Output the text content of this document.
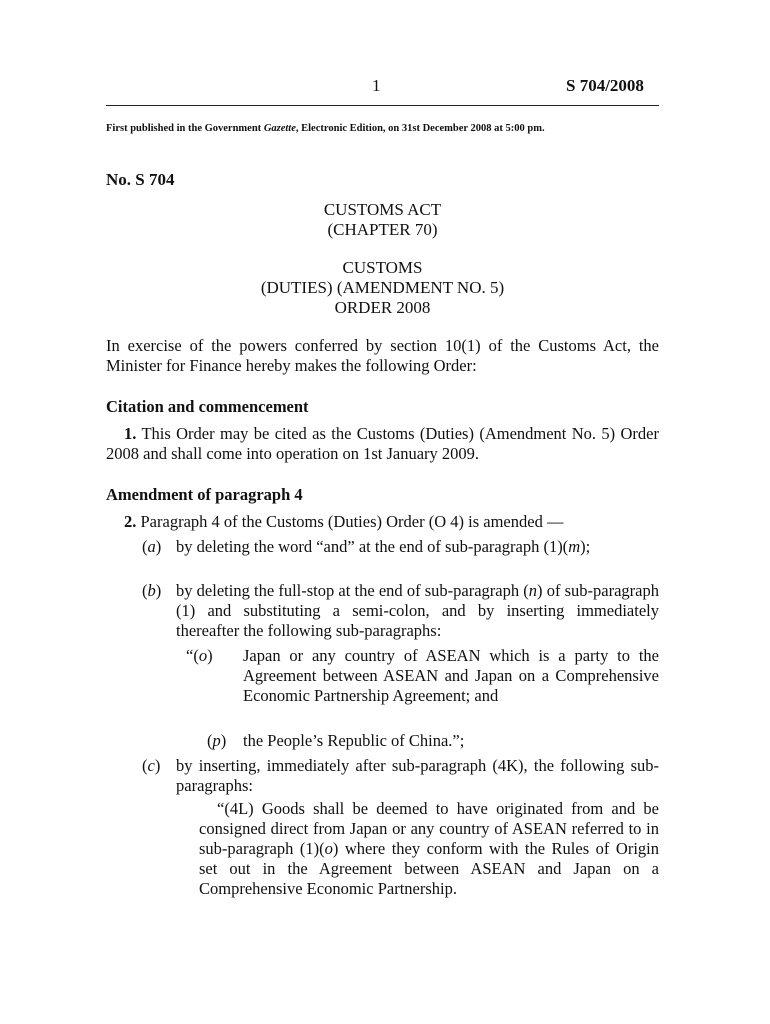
1	S 704/2008
First published in the Government Gazette, Electronic Edition, on 31st December 2008 at 5:00 pm.
No. S 704
CUSTOMS ACT
(CHAPTER 70)
CUSTOMS
(DUTIES) (AMENDMENT NO. 5)
ORDER 2008
In exercise of the powers conferred by section 10(1) of the Customs Act, the Minister for Finance hereby makes the following Order:
Citation and commencement
1. This Order may be cited as the Customs (Duties) (Amendment No. 5) Order 2008 and shall come into operation on 1st January 2009.
Amendment of paragraph 4
2. Paragraph 4 of the Customs (Duties) Order (O 4) is amended —
(a) by deleting the word “and” at the end of sub-paragraph (1)(m);
(b) by deleting the full-stop at the end of sub-paragraph (n) of sub-paragraph (1) and substituting a semi-colon, and by inserting immediately thereafter the following sub-paragraphs:
“(o) Japan or any country of ASEAN which is a party to the Agreement between ASEAN and Japan on a Comprehensive Economic Partnership Agreement; and
(p) the People’s Republic of China.”;
(c) by inserting, immediately after sub-paragraph (4K), the following sub-paragraphs:
“(4L) Goods shall be deemed to have originated from and be consigned direct from Japan or any country of ASEAN referred to in sub-paragraph (1)(o) where they conform with the Rules of Origin set out in the Agreement between ASEAN and Japan on a Comprehensive Economic Partnership.
